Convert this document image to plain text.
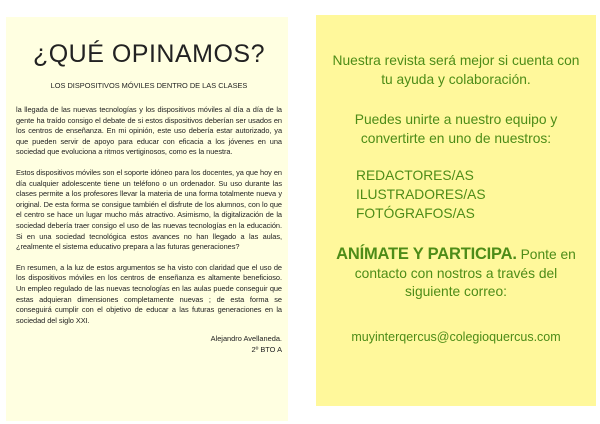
¿QUÉ OPINAMOS?
LOS DISPOSITIVOS MÓVILES DENTRO DE LAS CLASES

la llegada de las nuevas tecnologías y los dispositivos móviles al día a día de la gente ha traído consigo el debate de si estos dispositivos deberían ser usados en los centros de enseñanza. En mi opinión, este uso debería estar autorizado, ya que pueden servir de apoyo para educar con eficacia a los jóvenes en una sociedad que evoluciona a ritmos vertiginosos, como es la nuestra.

Estos dispositivos móviles son el soporte idóneo para los docentes, ya que hoy en día cualquier adolescente tiene un teléfono o un ordenador. Su uso durante las clases permite a los profesores llevar la materia de una forma totalmente nueva y original. De esta forma se consigue también el disfrute de los alumnos, con lo que el centro se hace un lugar mucho más atractivo. Asimismo, la digitalización de la sociedad debería traer consigo el uso de las nuevas tecnologías en la educación. Si en una sociedad tecnológica estos avances no han llegado a las aulas, ¿realmente el sistema educativo prepara a las futuras generaciones?

En resumen, a la luz de estos argumentos se ha visto con claridad que el uso de los dispositivos móviles en los centros de enseñanza es altamente beneficioso. Un empleo regulado de las nuevas tecnologías en las aulas puede conseguir que estas adquieran dimensiones completamente nuevas ; de esta forma se conseguirá cumplir con el objetivo de educar a las futuras generaciones en la sociedad del siglo XXI.

Alejandro Avellaneda.
2º BTO A

Nuestra revista será mejor si cuenta con tu ayuda y colaboración.

Puedes unirte a nuestro equipo y convertirte en uno de nuestros:

REDACTORES/AS
ILUSTRADORES/AS
FOTÓGRAFOS/AS

ANÍMATE Y PARTICIPA. Ponte en contacto con nostros a través del siguiente correo:

muyinterqercus@colegioquercus.com
